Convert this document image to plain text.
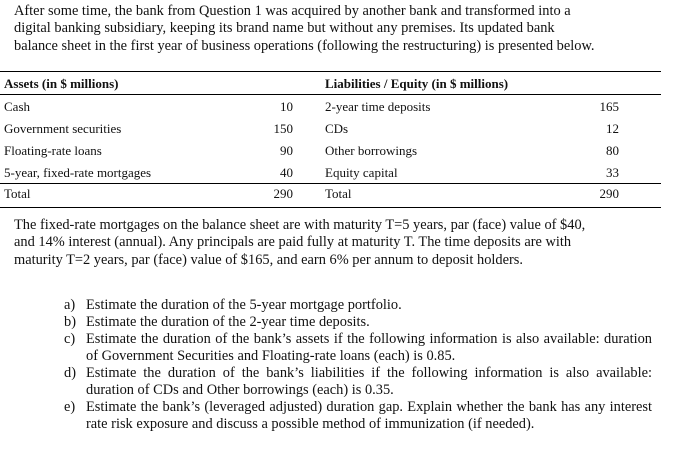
After some time, the bank from Question 1 was acquired by another bank and transformed into a
digital banking subsidiary, keeping its brand name but without any premises. Its updated bank
balance sheet in the first year of business operations (following the restructuring) is presented below.
Assets (in $ millions)	Liabilities / Equity (in $ millions)
Cash	10 2-year time deposits	165
Government securities	150 CDs	12
Floating-rate loans	90 Other borrowings	80
5-year, fixed-rate mortgages	40 Equity capital	33
Total	290 Total	290
The fixed-rate mortgages on the balance sheet are with maturity T=5 years, par (face) value of $40,
and 14% interest (annual). Any principals are paid fully at maturity T. The time deposits are with
maturity T=2 years, par (face) value of $165, and earn 6% per annum to deposit holders.
a) Estimate the duration of the 5-year mortgage portfolio.
b) Estimate the duration of the 2-year time deposits.
c) Estimate the duration of the bank’s assets if the following information is also available: duration of Government Securities and Floating-rate loans (each) is 0.85.
d) Estimate the duration of the bank’s liabilities if the following information is also available: duration of CDs and Other borrowings (each) is 0.35.
e) Estimate the bank’s (leveraged adjusted) duration gap. Explain whether the bank has any interest rate risk exposure and discuss a possible method of immunization (if needed).
